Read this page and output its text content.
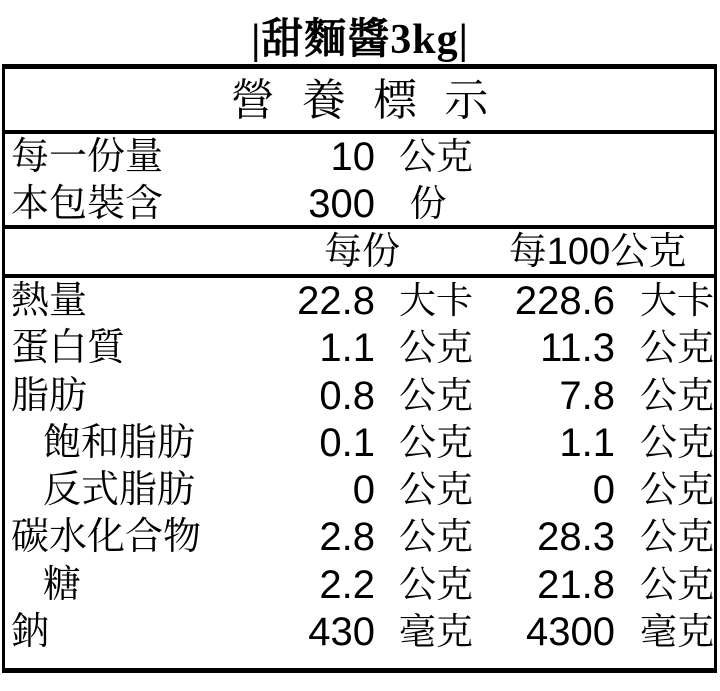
|甜麵醬3kg|
營養標示
每一份量	10 公克
本包裝含	300 份
每份	每100公克
熱量	22.8 大卡	228.6 大卡
蛋白質	1.1 公克	11.3 公克
脂肪	0.8 公克	7.8 公克
飽和脂肪	0.1 公克	1.1 公克
反式脂肪	0 公克	0 公克
碳水化合物	2.8 公克	28.3 公克
糖	2.2 公克	21.8 公克
鈉	430 毫克	4300 毫克
